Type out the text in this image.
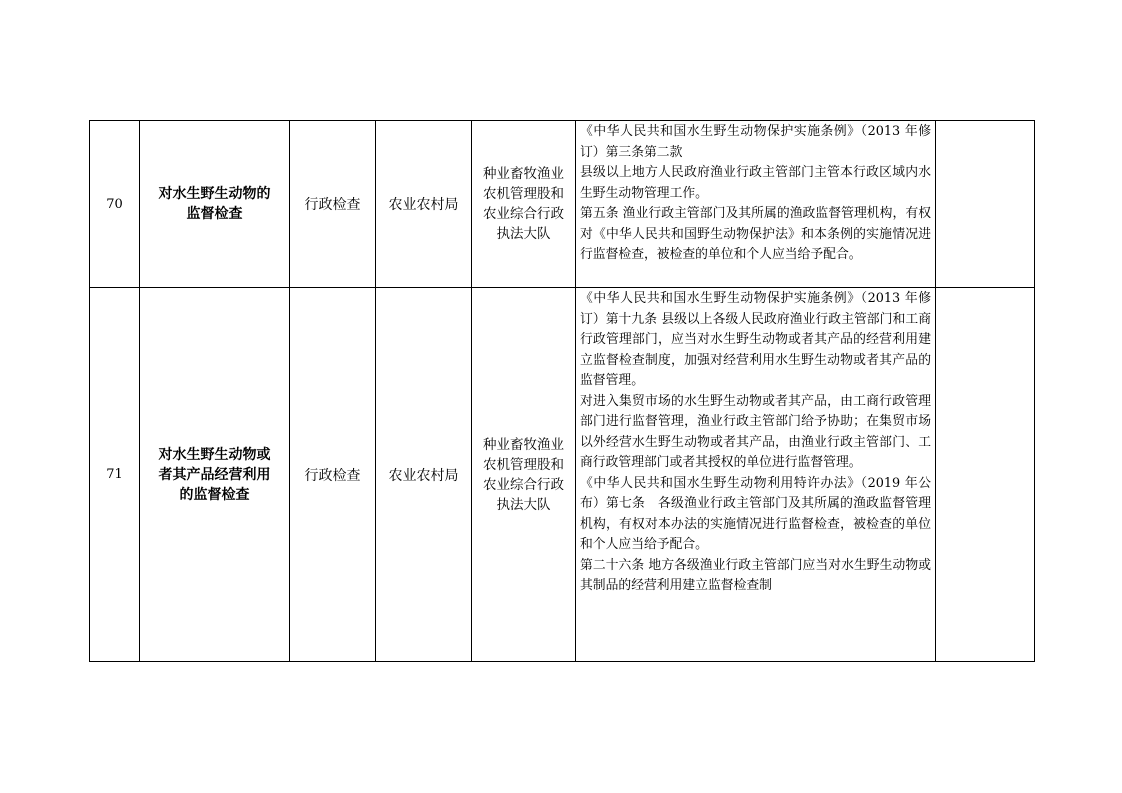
70	对水生野生动物的监督检查	行政检查	农业农村局	种业畜牧渔业农机管理股和农业综合行政执法大队	《中华人民共和国水生野生动物保护实施条例》（2013 年修订）第三条第二款

县级以上地方人民政府渔业行政主管部门主管本行政区域内水生野生动物管理工作。

第五条 渔业行政主管部门及其所属的渔政监督管理机构，有权对《中华人民共和国野生动物保护法》和本条例的实施情况进行监督检查，被检查的单位和个人应当给予配合。	

71	对水生野生动物或者其产品经营利用的监督检查	行政检查	农业农村局	种业畜牧渔业农机管理股和农业综合行政执法大队	《中华人民共和国水生野生动物保护实施条例》（2013 年修订）第十九条 县级以上各级人民政府渔业行政主管部门和工商行政管理部门，应当对水生野生动物或者其产品的经营利用建立监督检查制度，加强对经营利用水生野生动物或者其产品的监督管理。

对进入集贸市场的水生野生动物或者其产品，由工商行政管理部门进行监督管理，渔业行政主管部门给予协助；在集贸市场以外经营水生野生动物或者其产品，由渔业行政主管部门、工商行政管理部门或者其授权的单位进行监督管理。

《中华人民共和国水生野生动物利用特许办法》（2019 年公布）第七条　各级渔业行政主管部门及其所属的渔政监督管理机构，有权对本办法的实施情况进行监督检查，被检查的单位和个人应当给予配合。

第二十六条 地方各级渔业行政主管部门应当对水生野生动物或其制品的经营利用建立监督检查制	
